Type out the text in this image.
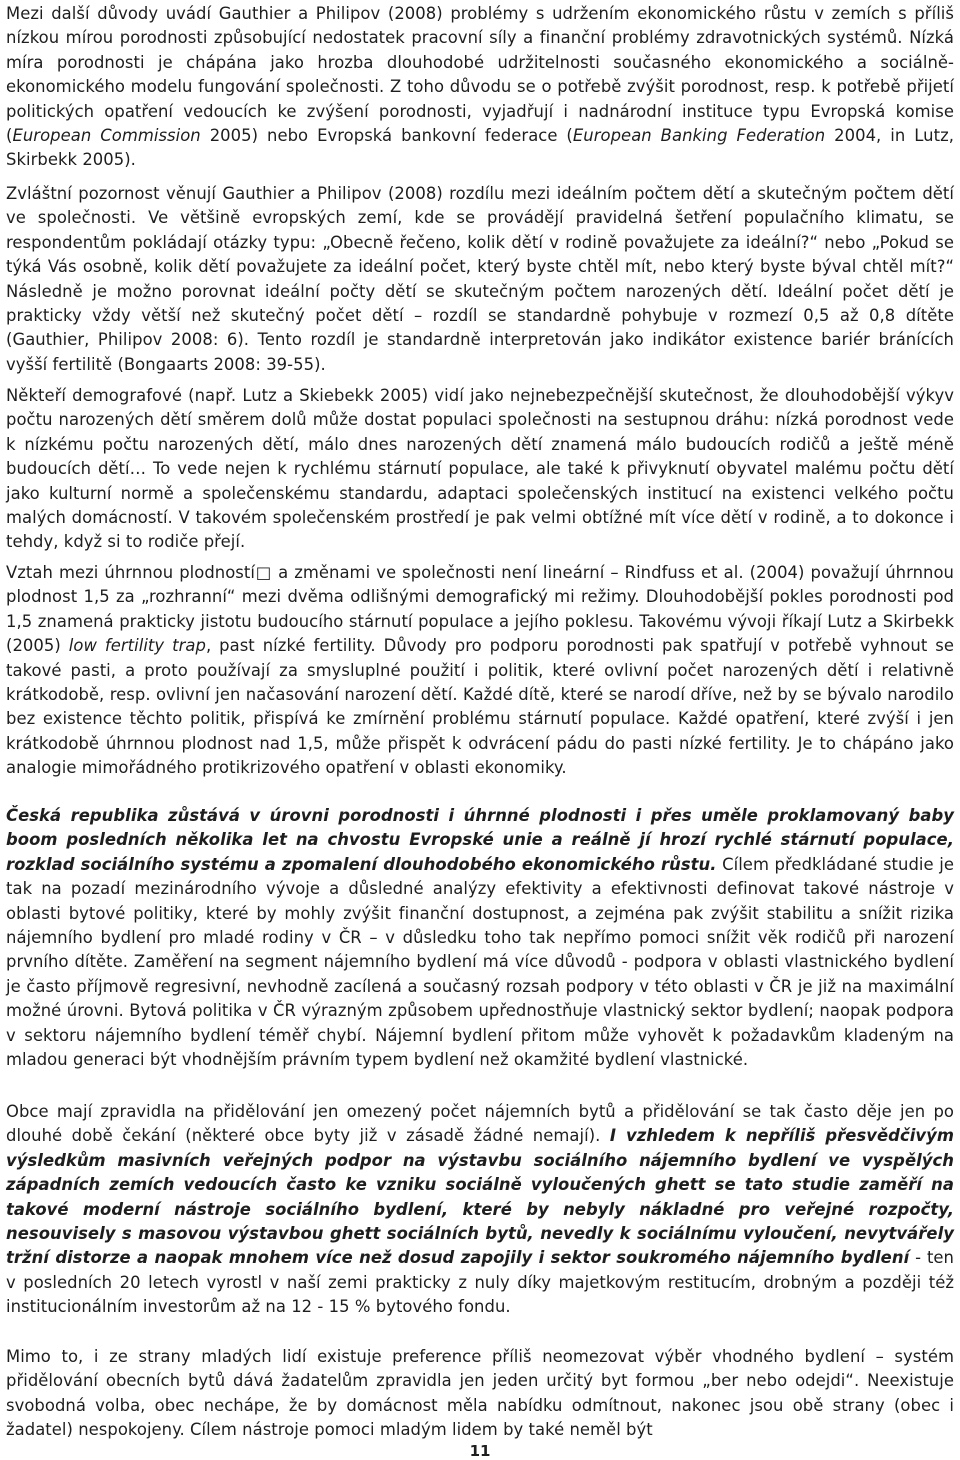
Mezi další důvody uvádí Gauthier a Philipov (2008) problémy s udržením ekonomického růstu v zemích s příliš nízkou mírou porodnosti způsobující nedostatek pracovní síly a finanční problémy zdravotnických systémů. Nízká míra porodnosti je chápána jako hrozba dlouhodobé udržitelnosti současného ekonomického a sociálně-ekonomického modelu fungování společnosti. Z toho důvodu se o potřebě zvýšit porodnost, resp. k potřebě přijetí politických opatření vedoucích ke zvýšení porodnosti, vyjadřují i nadnárodní instituce typu Evropská komise (European Commission 2005) nebo Evropská bankovní federace (European Banking Federation 2004, in Lutz, Skirbekk 2005).

Zvláštní pozornost věnují Gauthier a Philipov (2008) rozdílu mezi ideálním počtem dětí a skutečným počtem dětí ve společnosti. Ve většině evropských zemí, kde se provádějí pravidelná šetření populačního klimatu, se respondentům pokládají otázky typu: „Obecně řečeno, kolik dětí v rodině považujete za ideální?“ nebo „Pokud se týká Vás osobně, kolik dětí považujete za ideální počet, který byste chtěl mít, nebo který byste býval chtěl mít?“ Následně je možno porovnat ideální počty dětí se skutečným počtem narozených dětí. Ideální počet dětí je prakticky vždy větší než skutečný počet dětí – rozdíl se standardně pohybuje v rozmezí 0,5 až 0,8 dítěte (Gauthier, Philipov 2008: 6). Tento rozdíl je standardně interpretován jako indikátor existence bariér bránících vyšší fertilitě (Bongaarts 2008: 39-55).

Někteří demografové (např. Lutz a Skiebekk 2005) vidí jako nejnebezpečnější skutečnost, že dlouhodobější výkyv počtu narozených dětí směrem dolů může dostat populaci společnosti na sestupnou dráhu: nízká porodnost vede k nízkému počtu narozených dětí, málo dnes narozených dětí znamená málo budoucích rodičů a ještě méně budoucích dětí… To vede nejen k rychlému stárnutí populace, ale také k přivyknutí obyvatel malému počtu dětí jako kulturní normě a společenskému standardu, adaptaci společenských institucí na existenci velkého počtu malých domácností. V takovém společenském prostředí je pak velmi obtížné mít více dětí v rodině, a to dokonce i tehdy, když si to rodiče přejí.

Vztah mezi úhrnnou plodností□ a změnami ve společnosti není lineární – Rindfuss et al. (2004) považují úhrnnou plodnost 1,5 za „rozhranní“ mezi dvěma odlišnými demografický mi režimy. Dlouhodobější pokles porodnosti pod 1,5 znamená prakticky jistotu budoucího stárnutí populace a jejího poklesu. Takovému vývoji říkají Lutz a Skirbekk (2005) low fertility trap, past nízké fertility. Důvody pro podporu porodnosti pak spatřují v potřebě vyhnout se takové pasti, a proto používají za smysluplné použití i politik, které ovlivní počet narozených dětí i relativně krátkodobě, resp. ovlivní jen načasování narození dětí. Každé dítě, které se narodí dříve, než by se bývalo narodilo bez existence těchto politik, přispívá ke zmírnění problému stárnutí populace. Každé opatření, které zvýší i jen krátkodobě úhrnnou plodnost nad 1,5, může přispět k odvrácení pádu do pasti nízké fertility. Je to chápáno jako analogie mimořádného protikrizového opatření v oblasti ekonomiky.

Česká republika zůstává v úrovni porodnosti i úhrnné plodnosti i přes uměle proklamovaný baby boom posledních několika let na chvostu Evropské unie a reálně jí hrozí rychlé stárnutí populace, rozklad sociálního systému a zpomalení dlouhodobého ekonomického růstu. Cílem předkládané studie je tak na pozadí mezinárodního vývoje a důsledné analýzy efektivity a efektivnosti definovat takové nástroje v oblasti bytové politiky, které by mohly zvýšit finanční dostupnost, a zejména pak zvýšit stabilitu a snížit rizika nájemního bydlení pro mladé rodiny v ČR – v důsledku toho tak nepřímo pomoci snížit věk rodičů při narození prvního dítěte. Zaměření na segment nájemního bydlení má více důvodů - podpora v oblasti vlastnického bydlení je často příjmově regresivní, nevhodně zacílená a současný rozsah podpory v této oblasti v ČR je již na maximální možné úrovni. Bytová politika v ČR výrazným způsobem upřednostňuje vlastnický sektor bydlení; naopak podpora v sektoru nájemního bydlení téměř chybí. Nájemní bydlení přitom může vyhovět k požadavkům kladeným na mladou generaci být vhodnějším právním typem bydlení než okamžité bydlení vlastnické.

Obce mají zpravidla na přidělování jen omezený počet nájemních bytů a přidělování se tak často děje jen po dlouhé době čekání (některé obce byty již v zásadě žádné nemají). I vzhledem k nepříliš přesvědčivým výsledkům masivních veřejných podpor na výstavbu sociálního nájemního bydlení ve vyspělých západních zemích vedoucích často ke vzniku sociálně vyloučených ghett se tato studie zaměří na takové moderní nástroje sociálního bydlení, které by nebyly nákladné pro veřejné rozpočty, nesouvisely s masovou výstavbou ghett sociálních bytů, nevedly k sociálnímu vyloučení, nevytvářely tržní distorze a naopak mnohem více než dosud zapojily i sektor soukromého nájemního bydlení - ten v posledních 20 letech vyrostl v naší zemi prakticky z nuly díky majetkovým restitucím, drobným a později též institucionálním investorům až na 12 - 15 % bytového fondu.

Mimo to, i ze strany mladých lidí existuje preference příliš neomezovat výběr vhodného bydlení – systém přidělování obecních bytů dává žadatelům zpravidla jen jeden určitý byt formou „ber nebo odejdi“. Neexistuje svobodná volba, obec nechápe, že by domácnost měla nabídku odmítnout, nakonec jsou obě strany (obec i žadatel) nespokojeny. Cílem nástroje pomoci mladým lidem by také neměl být

11
